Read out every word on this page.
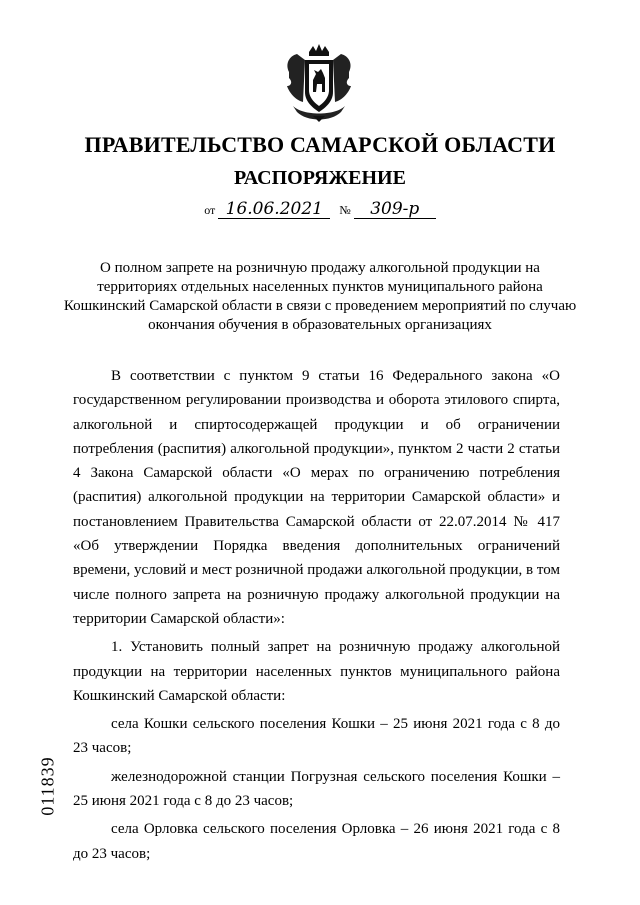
ПРАВИТЕЛЬСТВО САМАРСКОЙ ОБЛАСТИ
РАСПОРЯЖЕНИЕ
от 16.06.2021 № 309-р
О полном запрете на розничную продажу алкогольной продукции на территориях отдельных населенных пунктов муниципального района Кошкинский Самарской области в связи с проведением мероприятий по случаю окончания обучения в образовательных организациях

В соответствии с пунктом 9 статьи 16 Федерального закона «О государственном регулировании производства и оборота этилового спирта, алкогольной и спиртосодержащей продукции и об ограничении потребления (распития) алкогольной продукции», пунктом 2 части 2 статьи 4 Закона Самарской области «О мерах по ограничению потребления (распития) алкогольной продукции на территории Самарской области» и постановлением Правительства Самарской области от 22.07.2014 № 417 «Об утверждении Порядка введения дополнительных ограничений времени, условий и мест розничной продажи алкогольной продукции, в том числе полного запрета на розничную продажу алкогольной продукции на территории Самарской области»:

1. Установить полный запрет на розничную продажу алкогольной продукции на территории населенных пунктов муниципального района Кошкинский Самарской области:

села Кошки сельского поселения Кошки – 25 июня 2021 года с 8 до 23 часов;

железнодорожной станции Погрузная сельского поселения Кошки – 25 июня 2021 года с 8 до 23 часов;

села Орловка сельского поселения Орловка – 26 июня 2021 года с 8 до 23 часов;

011839
